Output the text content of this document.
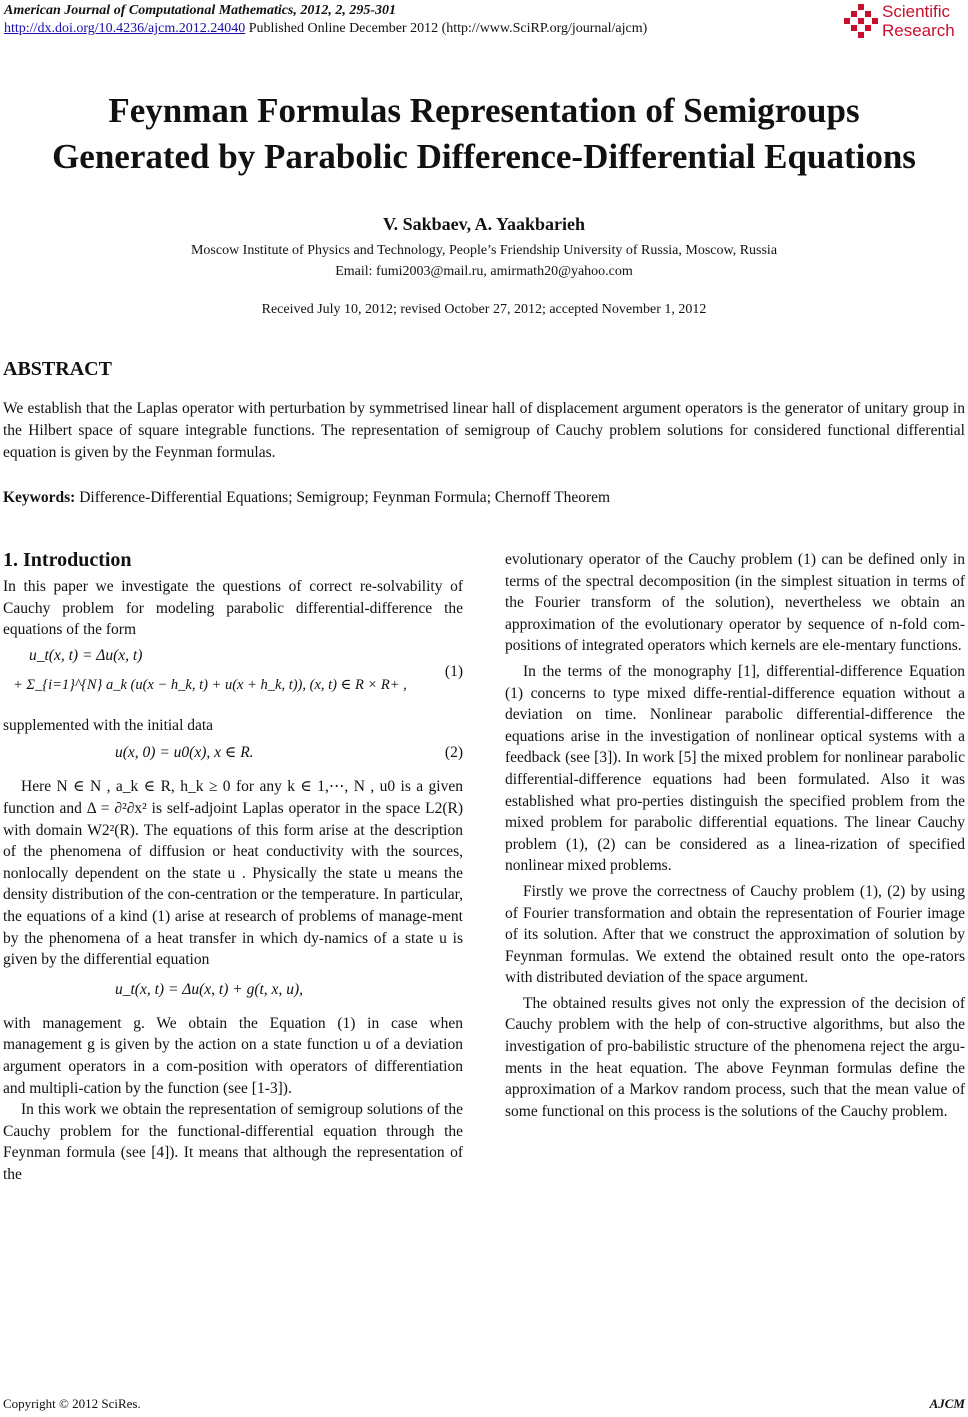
American Journal of Computational Mathematics, 2012, 2, 295-301
http://dx.doi.org/10.4236/ajcm.2012.24040 Published Online December 2012 (http://www.SciRP.org/journal/ajcm)
Scientific
Research
Feynman Formulas Representation of Semigroups
Generated by Parabolic Difference-Differential Equations
V. Sakbaev, A. Yaakbarieh
Moscow Institute of Physics and Technology, People’s Friendship University of Russia, Moscow, Russia
Email: fumi2003@mail.ru, amirmath20@yahoo.com
Received July 10, 2012; revised October 27, 2012; accepted November 1, 2012
ABSTRACT
We establish that the Laplas operator with perturbation by symmetrised linear hall of displacement argument operators is the generator of unitary group in the Hilbert space of square integrable functions. The representation of semigroup of Cauchy problem solutions for considered functional differential equation is given by the Feynman formulas.
Keywords: Difference-Differential Equations; Semigroup; Feynman Formula; Chernoff Theorem
1. Introduction

In this paper we investigate the questions of correct re-solvability of Cauchy problem for modeling parabolic differential-difference the equations of the form

u_t(x, t) = Δu(x, t)
+ Σ_{i=1}^{N} a_k (u(x − h_k, t) + u(x + h_k, t)), (x, t) ∈ R × R+ ,
(1)

supplemented with the initial data

u(x, 0) = u0(x), x ∈ R.	(2)

Here N ∈ N , a_k ∈ R, h_k ≥ 0 for any k ∈ 1,⋯, N , u0 is a given function and Δ = ∂²∂x² is self-adjoint Laplas operator in the space L2(R) with domain W2²(R). The equations of this form arise at the description of the phenomena of diffusion or heat conductivity with the sources, nonlocally dependent on the state u . Physically the state u means the density distribution of the con-centration or the temperature. In particular, the equations of a kind (1) arise at research of problems of manage-ment by the phenomena of a heat transfer in which dy-namics of a state u is given by the differential equation

u_t(x, t) = Δu(x, t) + g(t, x, u),

with management g. We obtain the Equation (1) in case when management g is given by the action on a state function u of a deviation argument operators in a com-position with operators of differentiation and multipli-cation by the function (see [1-3]).

In this work we obtain the representation of semigroup solutions of the Cauchy problem for the functional-differential equation through the Feynman formula (see [4]). It means that although the representation of the

evolutionary operator of the Cauchy problem (1) can be defined only in terms of the spectral decomposition (in the simplest situation in terms of the Fourier transform of the solution), nevertheless we obtain an approximation of the evolutionary operator by sequence of n-fold com-positions of integrated operators which kernels are ele-mentary functions.

In the terms of the monography [1], differential-difference Equation (1) concerns to type mixed diffe-rential-difference equation without a deviation on time. Nonlinear parabolic differential-difference the equations arise in the investigation of nonlinear optical systems with a feedback (see [3]). In work [5] the mixed problem for nonlinear parabolic differential-difference equations had been formulated. Also it was established what pro-perties distinguish the specified problem from the mixed problem for parabolic differential equations. The linear Cauchy problem (1), (2) can be considered as a linea-rization of specified nonlinear mixed problems.

Firstly we prove the correctness of Cauchy problem (1), (2) by using of Fourier transformation and obtain the representation of Fourier image of its solution. After that we construct the approximation of solution by Feynman formulas. We extend the obtained result onto the ope-rators with distributed deviation of the space argument.

The obtained results gives not only the expression of the decision of Cauchy problem with the help of con-structive algorithms, but also the investigation of pro-babilistic structure of the phenomena reject the argu-ments in the heat equation. The above Feynman formulas define the approximation of a Markov random process, such that the mean value of some functional on this process is the solutions of the Cauchy problem.

Copyright © 2012 SciRes.	AJCM
